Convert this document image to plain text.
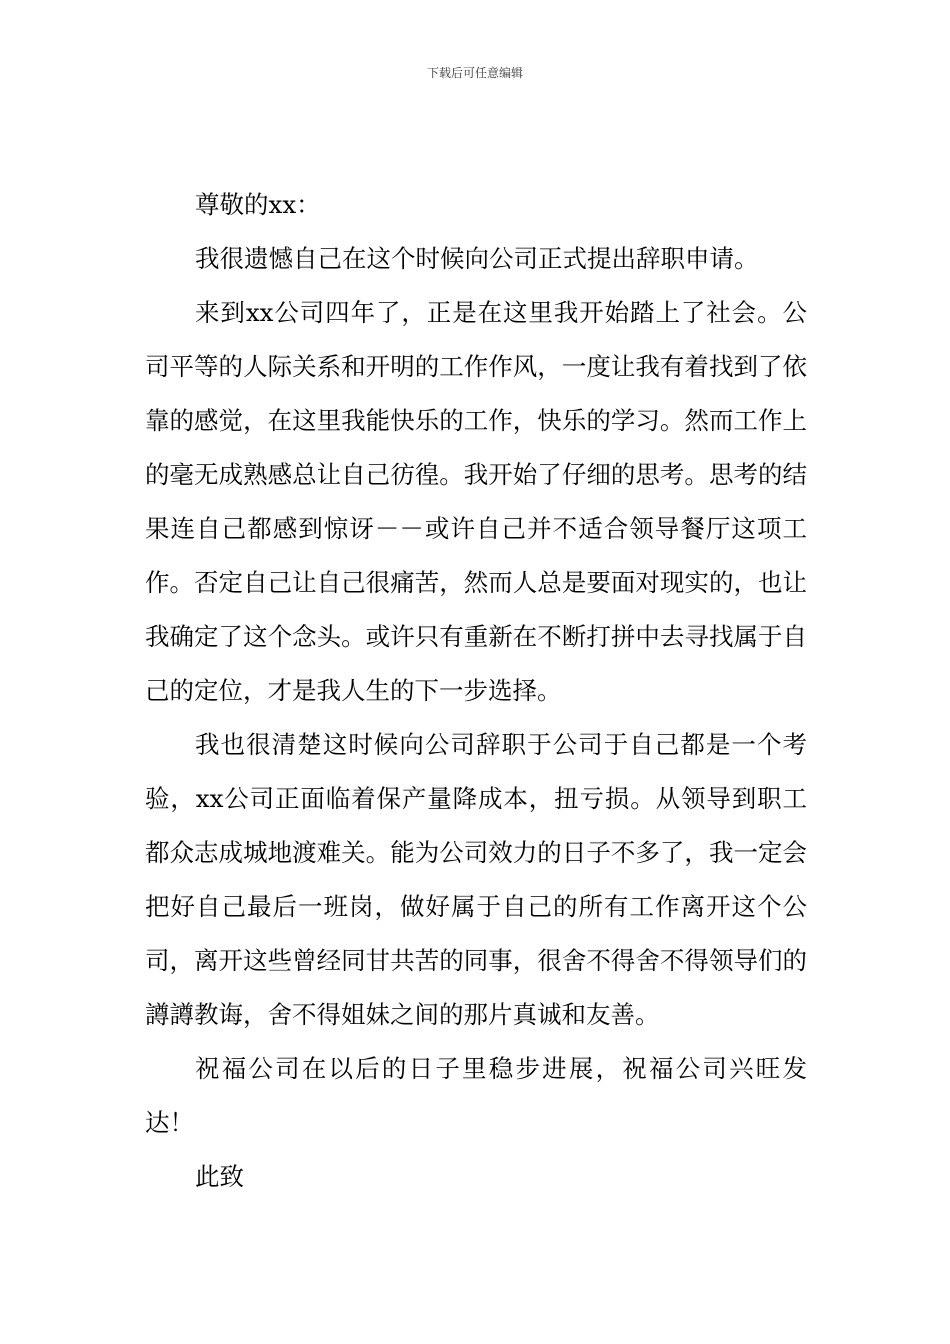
下载后可任意编辑

尊敬的xx：

我很遗憾自己在这个时候向公司正式提出辞职申请。

来到xx公司四年了，正是在这里我开始踏上了社会。公司平等的人际关系和开明的工作作风，一度让我有着找到了依靠的感觉，在这里我能快乐的工作，快乐的学习。然而工作上的毫无成熟感总让自己彷徨。我开始了仔细的思考。思考的结果连自己都感到惊讶－－或许自己并不适合领导餐厅这项工作。否定自己让自己很痛苦，然而人总是要面对现实的，也让我确定了这个念头。或许只有重新在不断打拼中去寻找属于自己的定位，才是我人生的下一步选择。

我也很清楚这时候向公司辞职于公司于自己都是一个考验，xx公司正面临着保产量降成本，扭亏损。从领导到职工都众志成城地渡难关。能为公司效力的日子不多了，我一定会把好自己最后一班岗，做好属于自己的所有工作离开这个公司，离开这些曾经同甘共苦的同事，很舍不得舍不得领导们的譐譐教诲，舍不得姐妹之间的那片真诚和友善。

祝福公司在以后的日子里稳步进展，祝福公司兴旺发达！

此致
